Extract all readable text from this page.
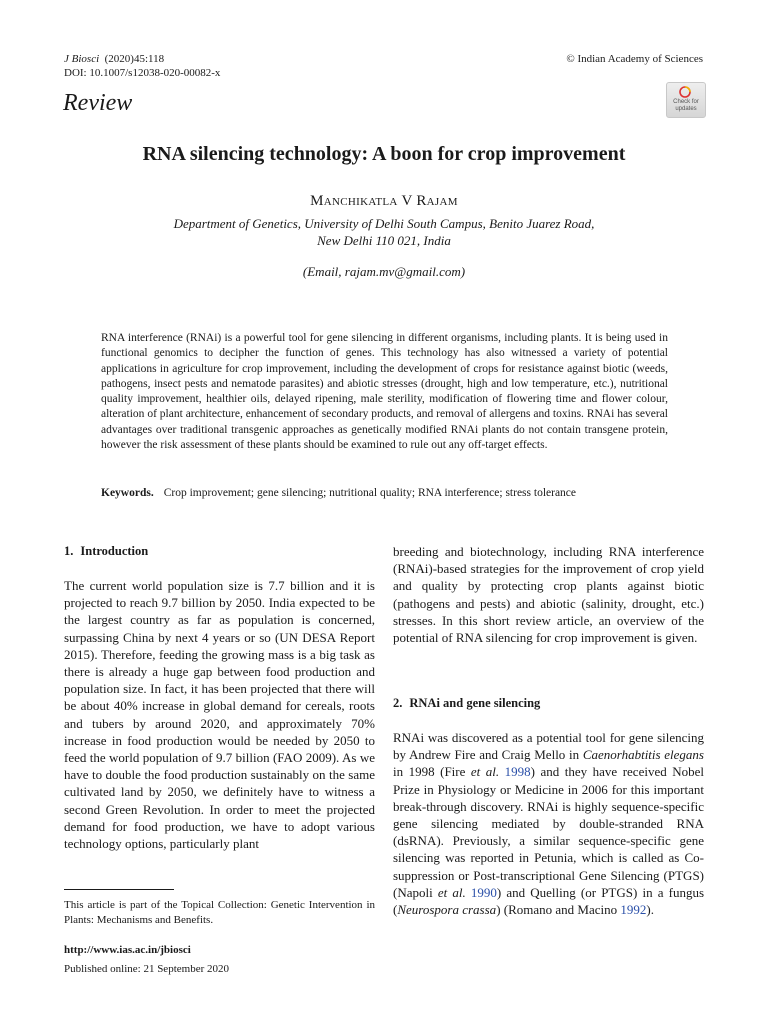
J Biosci (2020)45:118
DOI: 10.1007/s12038-020-00082-x
© Indian Academy of Sciences
Review	Check for
updates
RNA silencing technology: A boon for crop improvement
Manchikatla V Rajam
Department of Genetics, University of Delhi South Campus, Benito Juarez Road,
New Delhi 110 021, India
(Email, rajam.mv@gmail.com)
RNA interference (RNAi) is a powerful tool for gene silencing in different organisms, including plants. It is being used in functional genomics to decipher the function of genes. This technology has also witnessed a variety of potential applications in agriculture for crop improvement, including the development of crops for resistance against biotic (weeds, pathogens, insect pests and nematode parasites) and abiotic stresses (drought, high and low temperature, etc.), nutritional quality improvement, healthier oils, delayed ripening, male sterility, modification of flowering time and flower colour, alteration of plant architecture, enhancement of secondary products, and removal of allergens and toxins. RNAi has several advantages over traditional transgenic approaches as genetically modified RNAi plants do not contain transgene protein, however the risk assessment of these plants should be examined to rule out any off-target effects.
Keywords. Crop improvement; gene silencing; nutritional quality; RNA interference; stress tolerance
1. Introduction
The current world population size is 7.7 billion and it is projected to reach 9.7 billion by 2050. India expected to be the largest country as far as population is concerned, surpassing China by next 4 years or so (UN DESA Report 2015). Therefore, feeding the growing mass is a big task as there is already a huge gap between food production and population size. In fact, it has been projected that there will be about 40% increase in global demand for cereals, roots and tubers by around 2020, and approximately 70% increase in food production would be needed by 2050 to feed the world population of 9.7 billion (FAO 2009). As we have to double the food production sustainably on the same cultivated land by 2050, we definitely have to witness a second Green Revolution. In order to meet the projected demand for food production, we have to adopt various technology options, particularly plant
breeding and biotechnology, including RNA interference (RNAi)-based strategies for the improvement of crop yield and quality by protecting crop plants against biotic (pathogens and pests) and abiotic (salinity, drought, etc.) stresses. In this short review article, an overview of the potential of RNA silencing for crop improvement is given.
2. RNAi and gene silencing
RNAi was discovered as a potential tool for gene silencing by Andrew Fire and Craig Mello in Caenorhabtitis elegans in 1998 (Fire et al. 1998) and they have received Nobel Prize in Physiology or Medicine in 2006 for this important break-through discovery. RNAi is highly sequence-specific gene silencing mediated by double-stranded RNA (dsRNA). Previously, a similar sequence-specific gene silencing was reported in Petunia, which is called as Co-suppression or Post-transcriptional Gene Silencing (PTGS) (Napoli et al. 1990) and Quelling (or PTGS) in a fungus (Neurospora crassa) (Romano and Macino 1992).
This article is part of the Topical Collection: Genetic Intervention in Plants: Mechanisms and Benefits.
http://www.ias.ac.in/jbiosci
Published online: 21 September 2020
